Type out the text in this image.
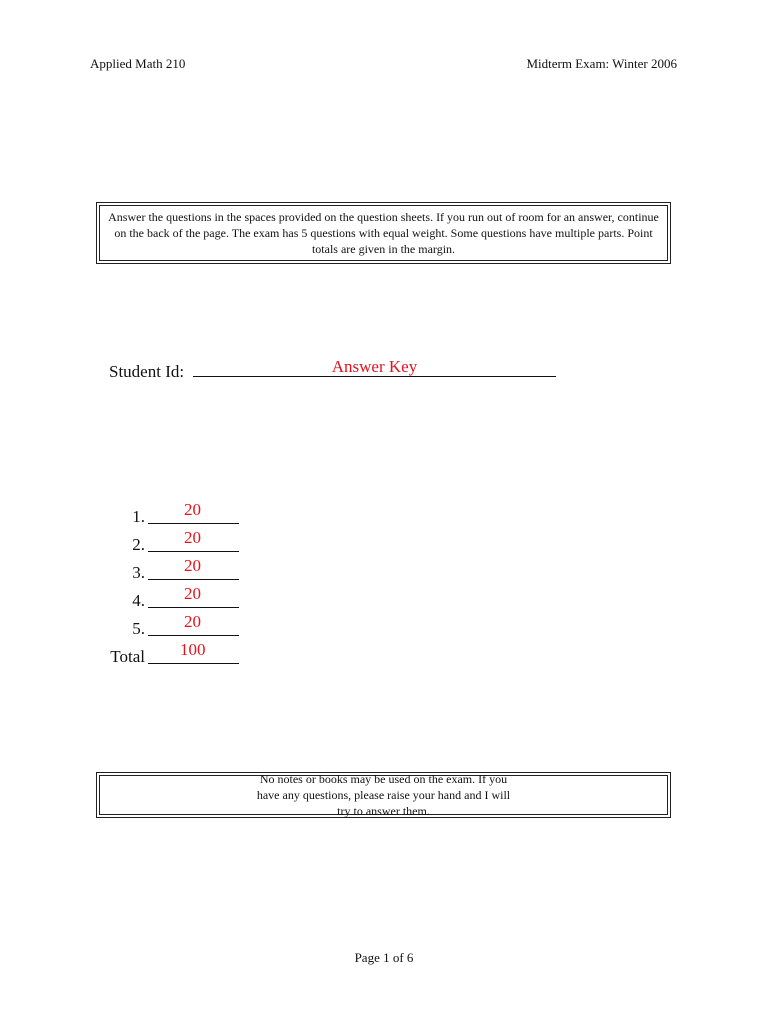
Applied Math 210	Midterm Exam: Winter 2006
Answer the questions in the spaces provided on the question sheets. If you run out of room for an answer, continue on the back of the page. The exam has 5 questions with equal weight. Some questions have multiple parts. Point totals are given in the margin.
Student Id:	Answer Key
1.	20
2.	20
3.	20
4.	20
5.	20
Total	100
No notes or books may be used on the exam. If you have any questions, please raise your hand and I will try to answer them.
Page 1 of 6
